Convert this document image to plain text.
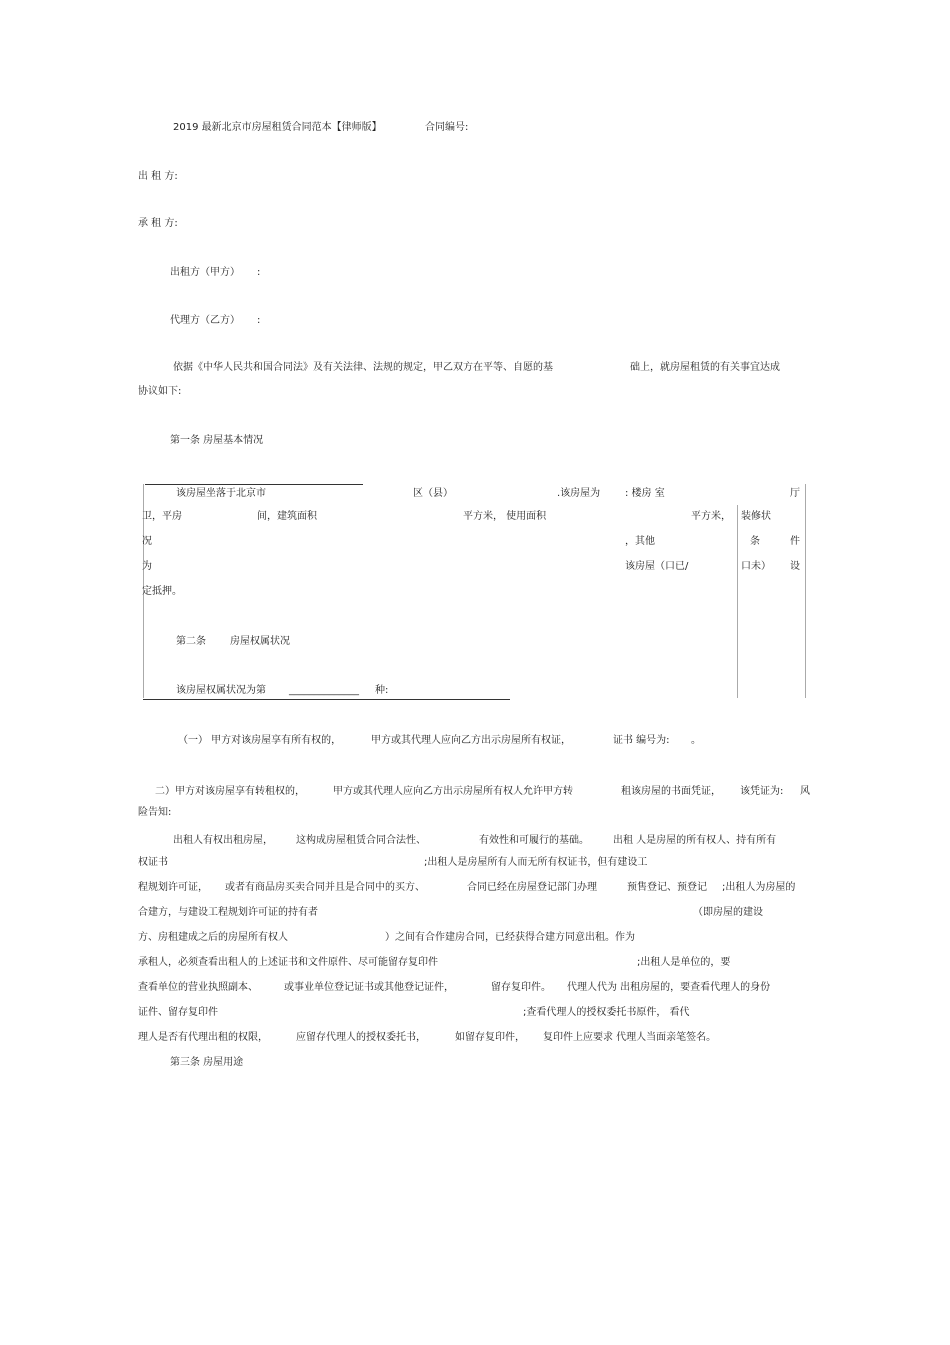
2019 最新北京市房屋租赁合同范本【律师版】	合同编号:
出 租 方:
承 租 方:
出租方（甲方） :
代理方（乙方） :
依据《中华人民共和国合同法》及有关法律、法规的规定，甲乙双方在平等、自愿的基	础上，就房屋租赁的有关事宜达成
协议如下:
第一条 房屋基本情况
该房屋坐落于北京市	区（县）	.该房屋为 : 楼房 室	厅
卫，平房	间，建筑面积	平方米， 使用面积	平方米， 装修状
况	，其他	条	件
为	该房屋（口已/	口未） 设
定抵押。
第二条 房屋权属状况
该房屋权属状况为第 ______________ 种:
（一） 甲方对该房屋享有所有权的，	甲方或其代理人应向乙方出示房屋所有权证，	证书 编号为: 。
二）甲方对该房屋享有转租权的，	甲方或其代理人应向乙方出示房屋所有权人允许甲方转	租该房屋的书面凭证， 该凭证为: 风
险告知:
出租人有权出租房屋， 这构成房屋租赁合同合法性、	有效性和可履行的基础。 出租 人是房屋的所有权人、持有所有
权证书	;出租人是房屋所有人而无所有权证书，但有建设工
程规划许可证， 或者有商品房买卖合同并且是合同中的买方、	合同已经在房屋登记部门办理	预售登记、预登记 ;出租人为房屋的
合建方，与建设工程规划许可证的持有者	（即房屋的建设
方、房租建成之后的房屋所有权人	）之间有合作建房合同，已经获得合建方同意出租。作为
承租人，必须查看出租人的上述证书和文件原件、尽可能留存复印件	;出租人是单位的，要
查看单位的营业执照副本、	或事业单位登记证书或其他登记证件，	留存复印件。 代理人代为 出租房屋的，要查看代理人的身份
证件、留存复印件	;查看代理人的授权委托书原件， 看代
理人是否有代理出租的权限，	应留存代理人的授权委托书，	如留存复印件， 复印件上应要求 代理人当面亲笔签名。
第三条 房屋用途
